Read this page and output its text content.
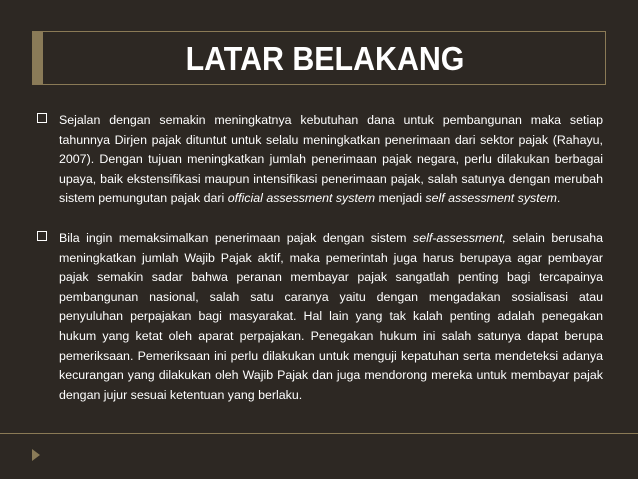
LATAR BELAKANG

Sejalan dengan semakin meningkatnya kebutuhan dana untuk pembangunan maka setiap tahunnya Dirjen pajak dituntut untuk selalu meningkatkan penerimaan dari sektor pajak (Rahayu, 2007). Dengan tujuan meningkatkan jumlah penerimaan pajak negara, perlu dilakukan berbagai upaya, baik ekstensifikasi maupun intensifikasi penerimaan pajak, salah satunya dengan merubah sistem pemungutan pajak dari official assessment system menjadi self assessment system.

Bila ingin memaksimalkan penerimaan pajak dengan sistem self-assessment, selain berusaha meningkatkan jumlah Wajib Pajak aktif, maka pemerintah juga harus berupaya agar pembayar pajak semakin sadar bahwa peranan membayar pajak sangatlah penting bagi tercapainya pembangunan nasional, salah satu caranya yaitu dengan mengadakan sosialisasi atau penyuluhan perpajakan bagi masyarakat. Hal lain yang tak kalah penting adalah penegakan hukum yang ketat oleh aparat perpajakan. Penegakan hukum ini salah satunya dapat berupa pemeriksaan. Pemeriksaan ini perlu dilakukan untuk menguji kepatuhan serta mendeteksi adanya kecurangan yang dilakukan oleh Wajib Pajak dan juga mendorong mereka untuk membayar pajak dengan jujur sesuai ketentuan yang berlaku.
